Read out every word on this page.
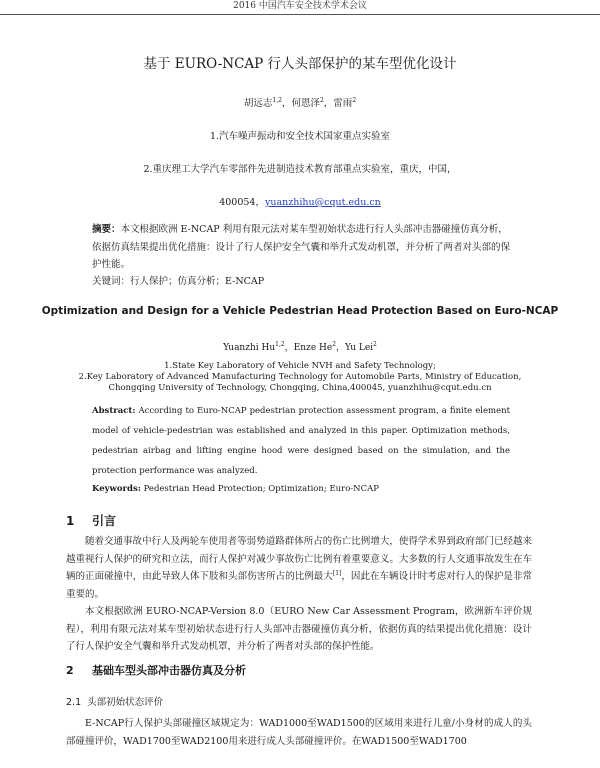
2016 中国汽车安全技术学术会议
基于 EURO-NCAP 行人头部保护的某车型优化设计
胡远志$^{1,2}$，何恩泽$^2$，雷雨$^2$
1.汽车噪声振动和安全技术国家重点实验室
2.重庆理工大学汽车零部件先进制造技术教育部重点实验室，重庆，中国，
400054，yuanzhihu@cqut.edu.cn
摘要：本文根据欧洲 E-NCAP 利用有限元法对某车型初始状态进行行人头部冲击器碰撞仿真分析，依据仿真结果提出优化措施：设计了行人保护安全气囊和举升式发动机罩，并分析了两者对头部的保护性能。
关键词：行人保护；仿真分析；E-NCAP
Optimization and Design for a Vehicle Pedestrian Head Protection Based on Euro-NCAP
Yuanzhi Hu$^{1,2}$，Enze He$^2$，Yu Lei$^2$
1.State Key Laboratory of Vehicle NVH and Safety Technology;
2.Key Laboratory of Advanced Manufacturing Technology for Automobile Parts, Ministry of Education,
Chongqing University of Technology, Chongqing, China,400045, yuanzhihu@cqut.edu.cn
Abstract: According to Euro-NCAP pedestrian protection assessment program, a finite element model of vehicle-pedestrian was established and analyzed in this paper. Optimization methods, pedestrian airbag and lifting engine hood were designed based on the simulation, and the protection performance was analyzed.
Keywords: Pedestrian Head Protection; Optimization; Euro-NCAP
1 引言
随着交通事故中行人及两轮车使用者等弱势道路群体所占的伤亡比例增大，使得学术界到政府部门已经越来越重视行人保护的研究和立法，而行人保护对减少事故伤亡比例有着重要意义。大多数的行人交通事故发生在车辆的正面碰撞中，由此导致人体下肢和头部伤害所占的比例最大[1]，因此在车辆设计时考虑对行人的保护是非常重要的。
本文根据欧洲 EURO-NCAP-Version 8.0（EURO New Car Assessment Program，欧洲新车评价规程），利用有限元法对某车型初始状态进行行人头部冲击器碰撞仿真分析，依据仿真的结果提出优化措施：设计了行人保护安全气囊和举升式发动机罩，并分析了两者对头部的保护性能。
2 基础车型头部冲击器仿真及分析
2.1 头部初始状态评价
E-NCAP行人保护头部碰撞区域规定为：WAD1000至WAD1500的区域用来进行儿童/小身材的成人的头部碰撞评价，WAD1700至WAD2100用来进行成人头部碰撞评价。在WAD1500至WAD1700
